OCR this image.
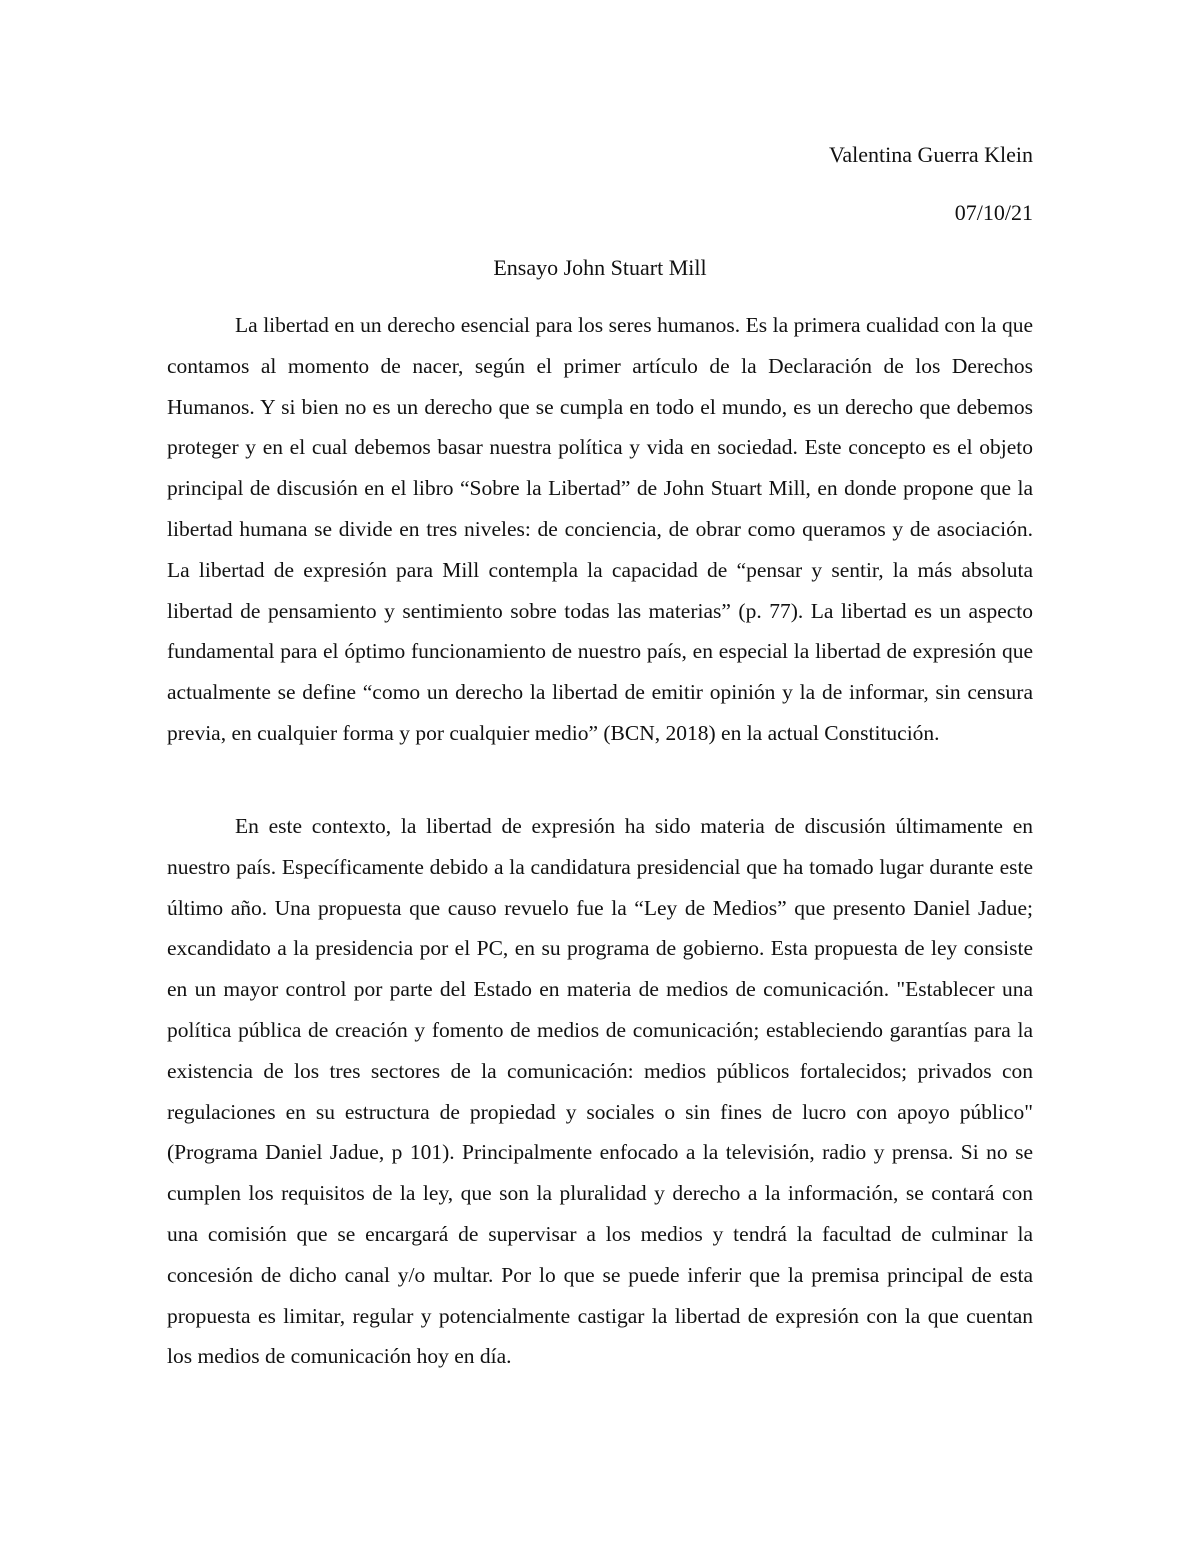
Valentina Guerra Klein
07/10/21
Ensayo John Stuart Mill

La libertad en un derecho esencial para los seres humanos. Es la primera cualidad con la que contamos al momento de nacer, según el primer artículo de la Declaración de los Derechos Humanos. Y si bien no es un derecho que se cumpla en todo el mundo, es un derecho que debemos proteger y en el cual debemos basar nuestra política y vida en sociedad. Este concepto es el objeto principal de discusión en el libro “Sobre la Libertad” de John Stuart Mill, en donde propone que la libertad humana se divide en tres niveles: de conciencia, de obrar como queramos y de asociación. La libertad de expresión para Mill contempla la capacidad de “pensar y sentir, la más absoluta libertad de pensamiento y sentimiento sobre todas las materias” (p. 77). La libertad es un aspecto fundamental para el óptimo funcionamiento de nuestro país, en especial la libertad de expresión que actualmente se define “como un derecho la libertad de emitir opinión y la de informar, sin censura previa, en cualquier forma y por cualquier medio” (BCN, 2018) en la actual Constitución.

En este contexto, la libertad de expresión ha sido materia de discusión últimamente en nuestro país. Específicamente debido a la candidatura presidencial que ha tomado lugar durante este último año. Una propuesta que causo revuelo fue la “Ley de Medios” que presento Daniel Jadue; excandidato a la presidencia por el PC, en su programa de gobierno. Esta propuesta de ley consiste en un mayor control por parte del Estado en materia de medios de comunicación. "Establecer una política pública de creación y fomento de medios de comunicación; estableciendo garantías para la existencia de los tres sectores de la comunicación: medios públicos fortalecidos; privados con regulaciones en su estructura de propiedad y sociales o sin fines de lucro con apoyo público" (Programa Daniel Jadue, p 101). Principalmente enfocado a la televisión, radio y prensa. Si no se cumplen los requisitos de la ley, que son la pluralidad y derecho a la información, se contará con una comisión que se encargará de supervisar a los medios y tendrá la facultad de culminar la concesión de dicho canal y/o multar. Por lo que se puede inferir que la premisa principal de esta propuesta es limitar, regular y potencialmente castigar la libertad de expresión con la que cuentan los medios de comunicación hoy en día.
